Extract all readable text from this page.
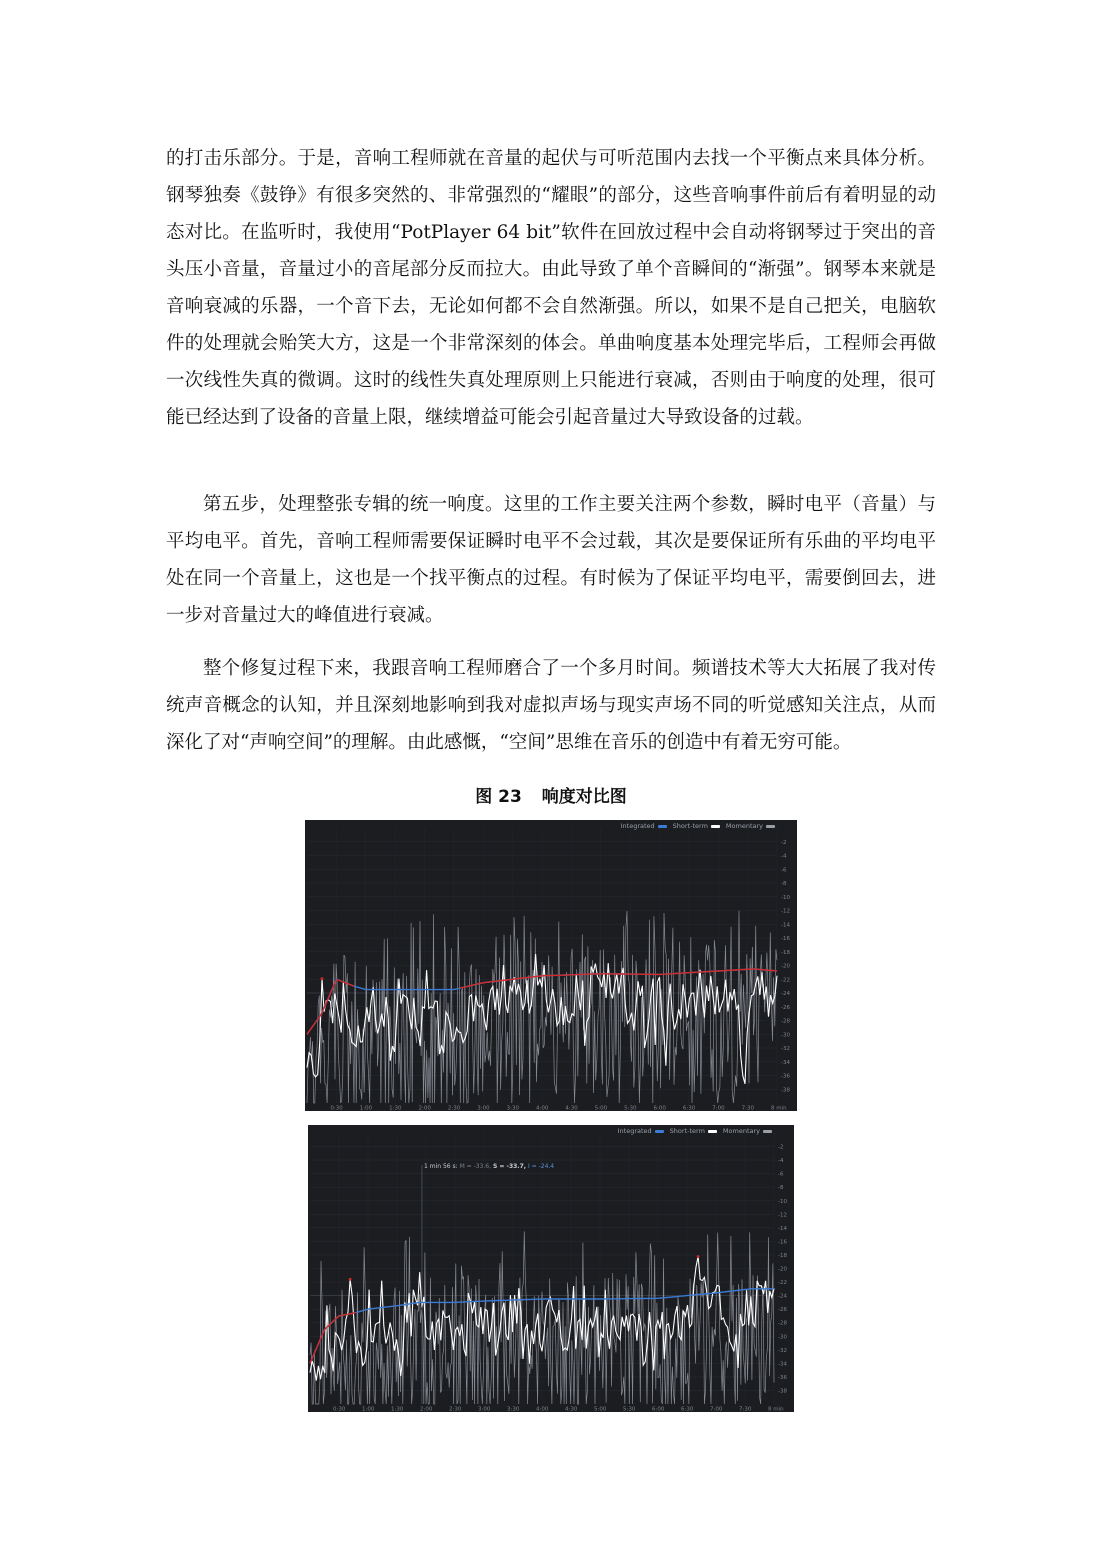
的打击乐部分。于是，音响工程师就在音量的起伏与可听范围内去找一个平衡点来具体分析。钢琴独奏《鼓铮》有很多突然的、非常强烈的“耀眼”的部分，这些音响事件前后有着明显的动态对比。在监听时，我使用“PotPlayer 64 bit”软件在回放过程中会自动将钢琴过于突出的音头压小音量，音量过小的音尾部分反而拉大。由此导致了单个音瞬间的“渐强”。钢琴本来就是音响衰减的乐器，一个音下去，无论如何都不会自然渐强。所以，如果不是自己把关，电脑软件的处理就会贻笑大方，这是一个非常深刻的体会。单曲响度基本处理完毕后，工程师会再做一次线性失真的微调。这时的线性失真处理原则上只能进行衰减，否则由于响度的处理，很可能已经达到了设备的音量上限，继续增益可能会引起音量过大导致设备的过载。

第五步，处理整张专辑的统一响度。这里的工作主要关注两个参数，瞬时电平（音量）与平均电平。首先，音响工程师需要保证瞬时电平不会过载，其次是要保证所有乐曲的平均电平处在同一个音量上，这也是一个找平衡点的过程。有时候为了保证平均电平，需要倒回去，进一步对音量过大的峰值进行衰减。

整个修复过程下来，我跟音响工程师磨合了一个多月时间。频谱技术等大大拓展了我对传统声音概念的认知，并且深刻地影响到我对虚拟声场与现实声场不同的听觉感知关注点，从而深化了对“声响空间”的理解。由此感慨，“空间”思维在音乐的创造中有着无穷可能。

图 23 响度对比图
-2
-4
-6
-8
-10
-12
-14
-16
-18
-20
-22
-24
-26
-28
-30
-32
-34
-36
-38
0:30	1:00	1:30	2:00	2:30	3:00	3:30	4:00	4:30	5:00	5:30	6:00	6:30	7:00	7:30	8 min
Integrated	Short-term	Momentary
-2
-4
-6
-8
-10
-12
-14
-16
-18
-20
-22
-24
-26
-28
-30
-32
-34
-36
-38
0:30	1:00	1:30	2:00	2:30	3:00	3:30	4:00	4:30	5:00	5:30	6:00	6:30	7:00	7:30	8 min
Integrated	Short-term	Momentary
1 min 56 s: M = -33.6, S = -33.7, I = -24.4
